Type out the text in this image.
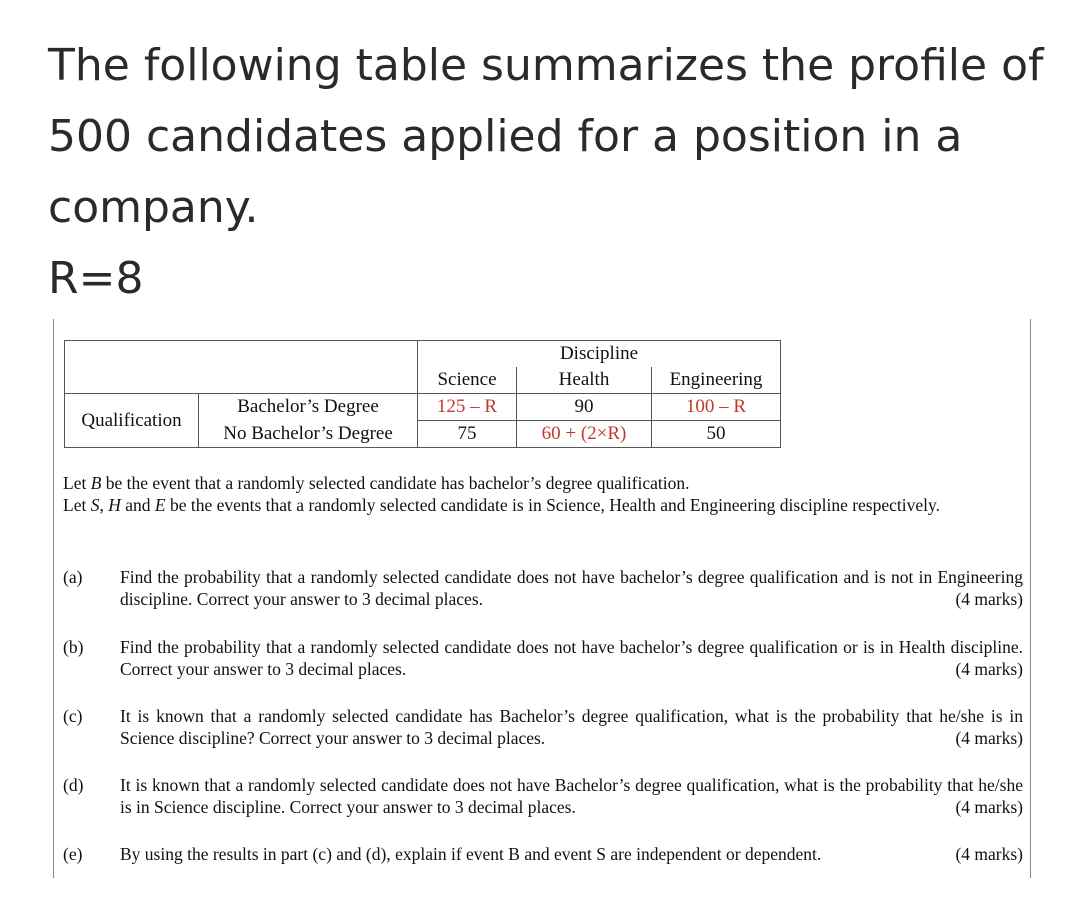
The following table summarizes the profile of
500 candidates applied for a position in a
company.
R=8
		Discipline		
		Science	Health	Engineering
Qualification	Bachelor’s Degree	125 – R	90	100 – R
	No Bachelor’s Degree	75	60 + (2×R)	50
Let B be the event that a randomly selected candidate has bachelor’s degree qualification.
Let S, H and E be the events that a randomly selected candidate is in Science, Health and Engineering discipline respectively.
(a) Find the probability that a randomly selected candidate does not have bachelor’s degree qualification and is not in Engineering discipline. Correct your answer to 3 decimal places.	(4 marks)
(b) Find the probability that a randomly selected candidate does not have bachelor’s degree qualification or is in Health discipline. Correct your answer to 3 decimal places.	(4 marks)
(c) It is known that a randomly selected candidate has Bachelor’s degree qualification, what is the probability that he/she is in Science discipline? Correct your answer to 3 decimal places.	(4 marks)
(d) It is known that a randomly selected candidate does not have Bachelor’s degree qualification, what is the probability that he/she is in Science discipline. Correct your answer to 3 decimal places.	(4 marks)
(e) By using the results in part (c) and (d), explain if event B and event S are independent or dependent.	(4 marks)
